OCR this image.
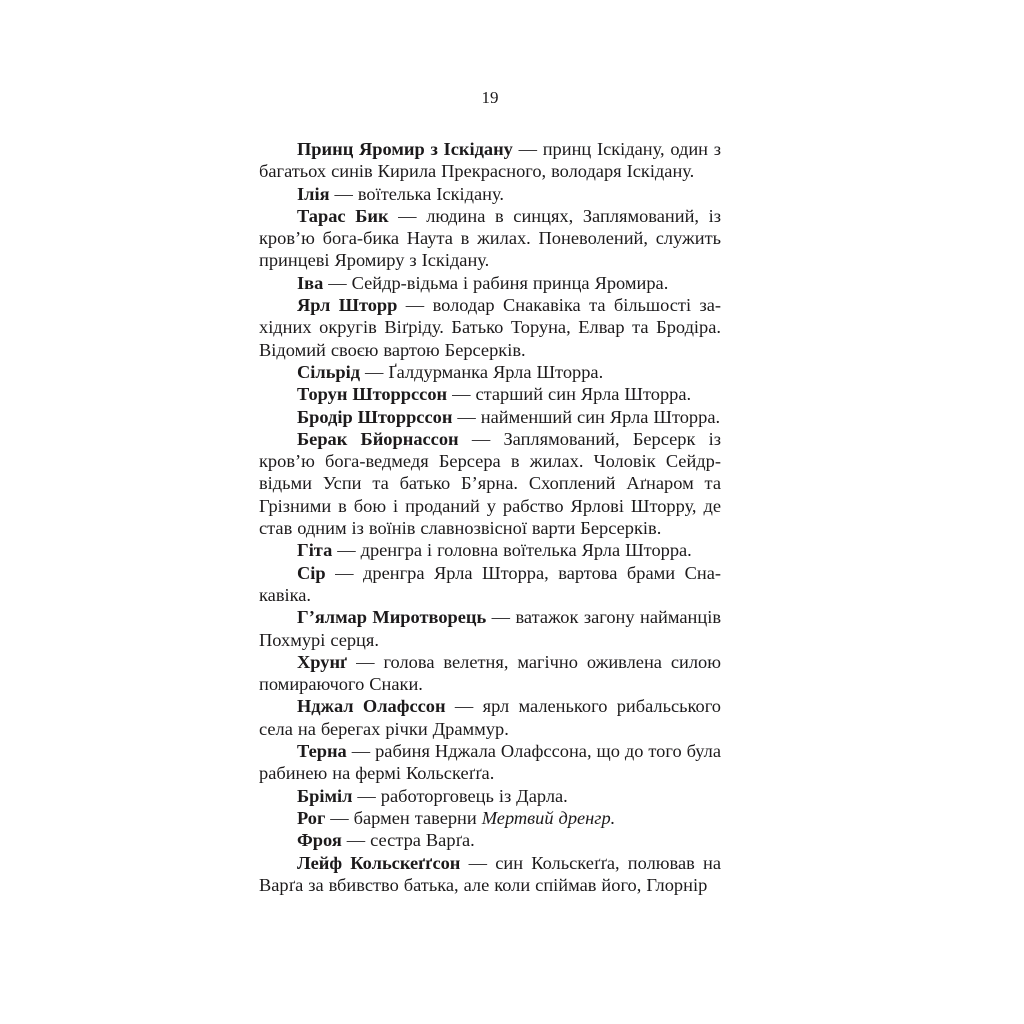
19

Принц Яромир з Іскідану — принц Іскідану, один з багатьох синів Кирила Прекрасного, володаря Іскідану.

Ілія — воїтелька Іскідану.

Тарас Бик — людина в синцях, Заплямований, із кров’ю бога-бика Наута в жилах. Поневолений, служить принцеві Яромиру з Іскідану.

Іва — Сейдр-відьма і рабиня принца Яромира.

Ярл Шторр — володар Снакавіка та більшості західних округів Віґріду. Батько Торуна, Елвар та Бродіра. Відомий своєю вартою Берсерків.

Сільрід — Ґалдурманка Ярла Шторра.

Торун Шторрссон — старший син Ярла Шторра.

Бродір Шторрссон — найменший син Ярла Шторра.

Берак Бйорнассон — Заплямований, Берсерк із кров’ю бога-ведмедя Берсера в жилах. Чоловік Сейдр-відьми Успи та батько Б’ярна. Схоплений Аґнаром та Грізними в бою і проданий у рабство Ярлові Шторру, де став одним із воїнів славнозвісної варти Берсерків.

Гіта — дренгра і головна воїтелька Ярла Шторра.

Сір — дренгра Ярла Шторра, вартова брами Снакавіка.

Г’ялмар Миротворець — ватажок загону найманців Похмурі серця.

Хрунґ — голова велетня, магічно оживлена силою помираючого Снаки.

Нджал Олафссон — ярл маленького рибальського села на берегах річки Драммур.

Терна — рабиня Нджала Олафссона, що до того була рабинею на фермі Кольскеґґа.

Бріміл — работорговець із Дарла.

Рог — бармен таверни Мертвий дренгр.

Фроя — сестра Варґа.

Лейф Кольскеґґсон — син Кольскеґґа, полював на Варґа за вбивство батька, але коли спіймав його, Глорнір
